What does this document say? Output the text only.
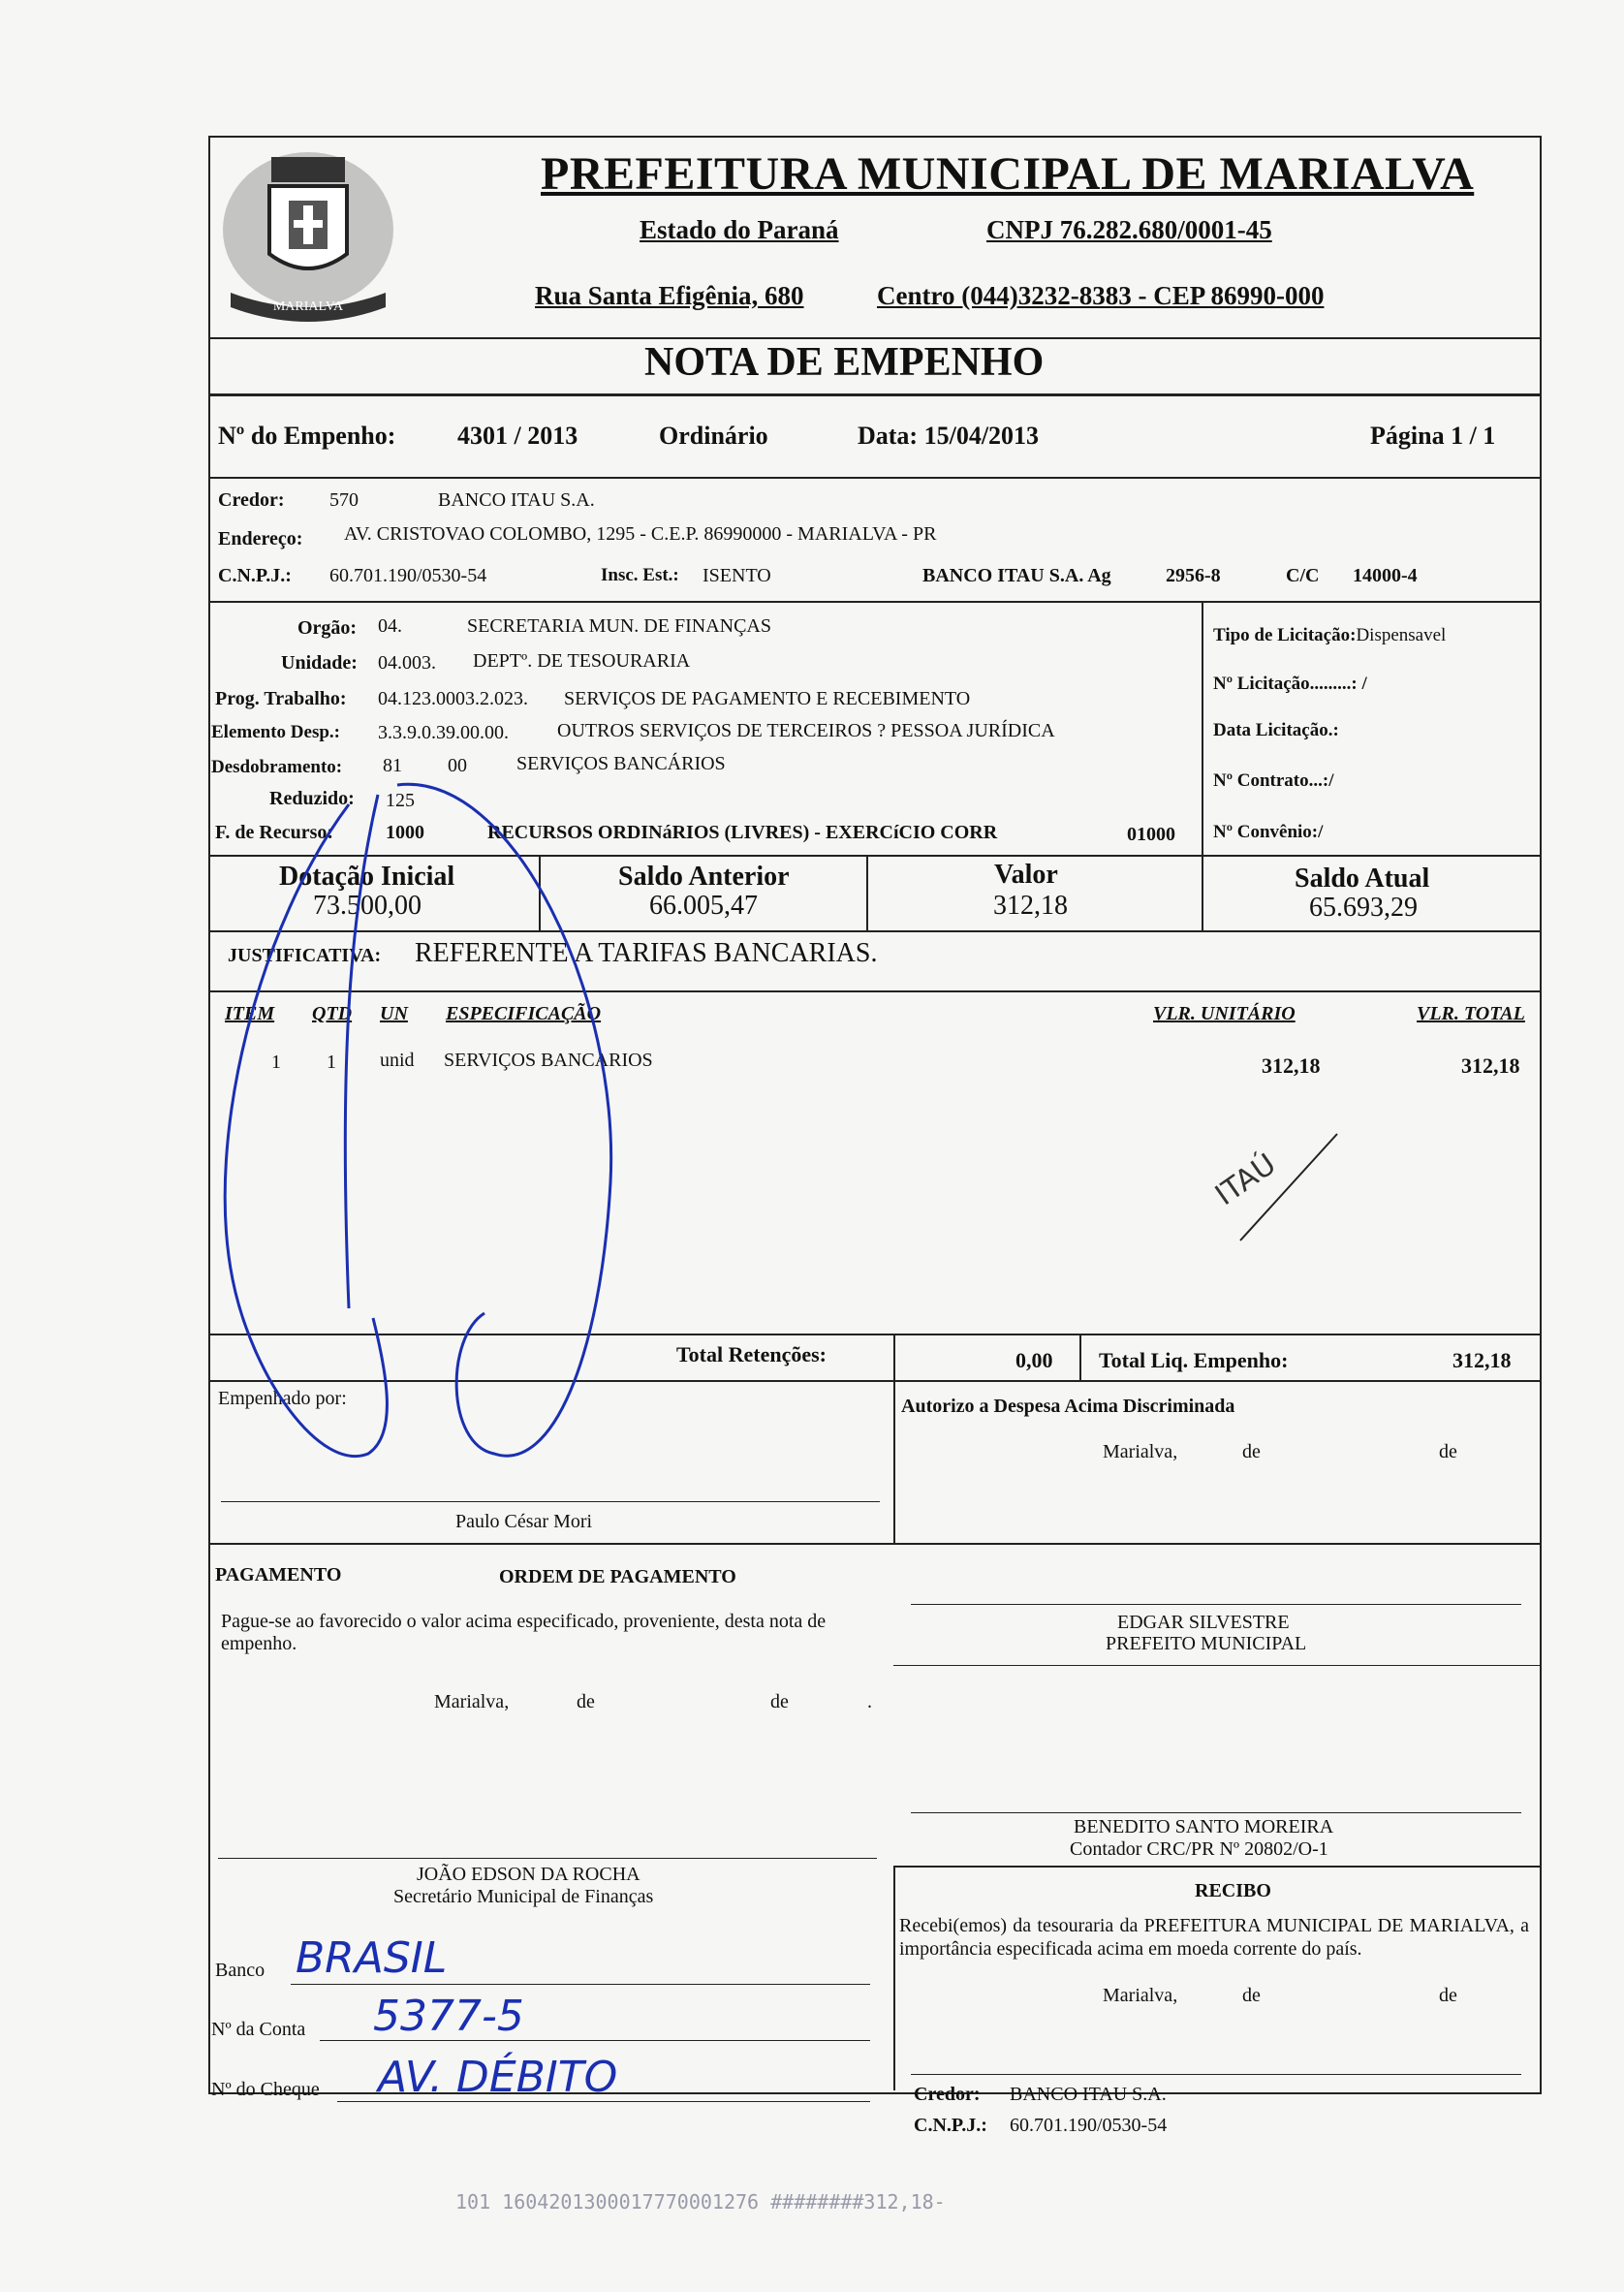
MARIALVA
PREFEITURA MUNICIPAL DE MARIALVA
Estado do Paraná	CNPJ 76.282.680/0001-45
Rua Santa Efigênia, 680	Centro (044)3232-8383 - CEP 86990-000
NOTA DE EMPENHO
Nº do Empenho: 4301 / 2013	Ordinário	Data: 15/04/2013	Página 1 / 1
Credor: 570	BANCO ITAU S.A.
Endereço: AV. CRISTOVAO COLOMBO, 1295 - C.E.P. 86990000 - MARIALVA - PR
C.N.P.J.: 60.701.190/0530-54	Insc. Est.: ISENTO	BANCO ITAU S.A. Ag	2956-8	C/C 14000-4
Orgão: 04.	SECRETARIA MUN. DE FINANÇAS
Unidade: 04.003. DEPTº. DE TESOURARIA
Prog. Trabalho: 04.123.0003.2.023. SERVIÇOS DE PAGAMENTO E RECEBIMENTO
Elemento Desp.: 3.3.9.0.39.00.00.	OUTROS SERVIÇOS DE TERCEIROS ? PESSOA JURÍDICA
Desdobramento: 81 00	SERVIÇOS BANCÁRIOS
Reduzido: 125
F. de Recurso:	1000	RECURSOS ORDINáRIOS (LIVRES) - EXERCíCIO CORR	01000
Tipo de Licitação:Dispensavel
Nº Licitação.........: /
Data Licitação.:
Nº Contrato...:/
Nº Convênio:/
Dotação Inicial
73.500,00
Saldo Anterior
66.005,47
Valor
312,18
Saldo Atual
65.693,29
JUSTIFICATIVA: REFERENTE A TARIFAS BANCARIAS.
ITEM QTD UN ESPECIFICAÇÃO	VLR. UNITÁRIO	VLR. TOTAL
1 1 unid SERVIÇOS BANCARIOS	312,18	312,18
ITAÚ
Total Retenções:	0,00 Total Liq. Empenho:	312,18
Empenhado por:
Paulo César Mori
Autorizo a Despesa Acima Discriminada
Marialva,	de	de
PAGAMENTO	ORDEM DE PAGAMENTO
Pague-se ao favorecido o valor acima especificado, proveniente, desta nota de empenho.
Marialva,	de	de	.
EDGAR SILVESTRE
PREFEITO MUNICIPAL
BENEDITO SANTO MOREIRA
Contador CRC/PR Nº 20802/O-1
JOÃO EDSON DA ROCHA
Secretário Municipal de Finanças	RECIBO
Recebi(emos) da tesouraria da PREFEITURA MUNICIPAL DE MARIALVA, a importância especificada acima em moeda corrente do país.
Marialva,	de	de
Credor: BANCO ITAU S.A.
Banco BRASIL
Nº da Conta 5377-5
Nº do Cheque AV. DÉBITO
C.N.P.J.: 60.701.190/0530-54
101 1604201300017770001276 ########312,18-
